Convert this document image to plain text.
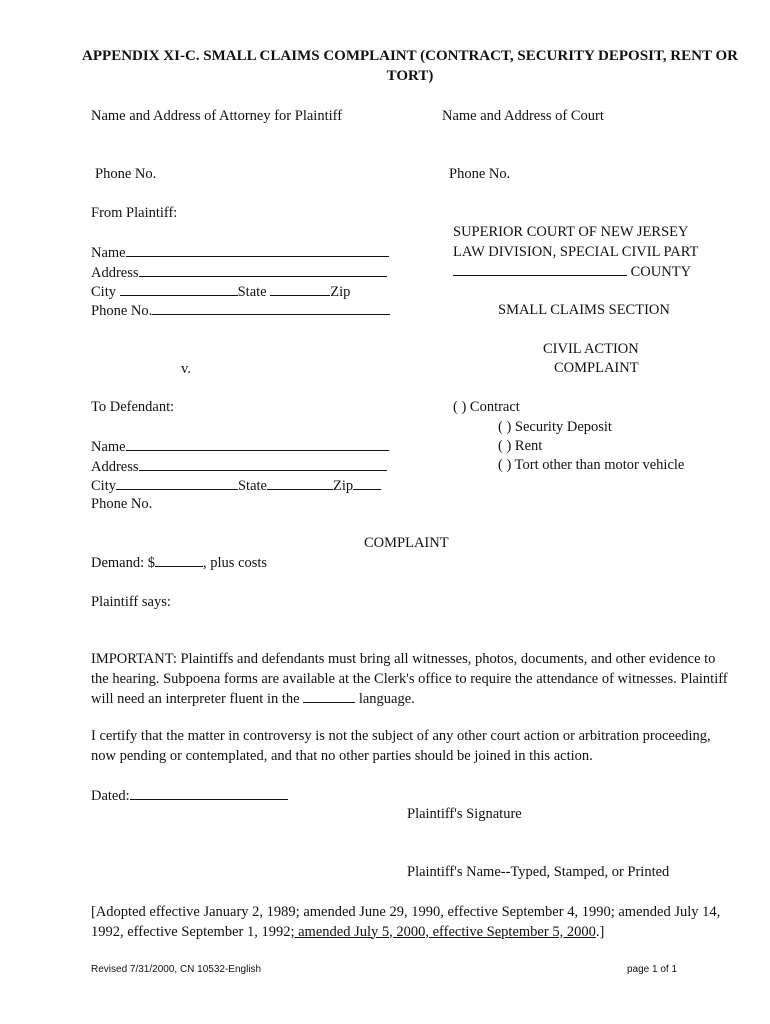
APPENDIX XI-C. SMALL CLAIMS COMPLAINT (CONTRACT, SECURITY DEPOSIT, RENT OR TORT)
Name and Address of Attorney for Plaintiff
Phone No.
From Plaintiff:
Name
Address
City	State	Zip
Phone No.
v.
To Defendant:
Name
Address
City	State	Zip
Phone No.
Name and Address of Court
Phone No.
SUPERIOR COURT OF NEW JERSEY
LAW DIVISION, SPECIAL CIVIL PART
COUNTY
SMALL CLAIMS SECTION
CIVIL ACTION
COMPLAINT
( ) Contract
( ) Security Deposit
( ) Rent
( ) Tort other than motor vehicle
COMPLAINT
Demand: $	, plus costs
Plaintiff says:
IMPORTANT: Plaintiffs and defendants must bring all witnesses, photos, documents, and other evidence to the hearing. Subpoena forms are available at the Clerk's office to require the attendance of witnesses. Plaintiff will need an interpreter fluent in the	language.
I certify that the matter in controversy is not the subject of any other court action or arbitration proceeding, now pending or contemplated, and that no other parties should be joined in this action.
Dated:
Plaintiff's Signature
Plaintiff's Name--Typed, Stamped, or Printed
[Adopted effective January 2, 1989; amended June 29, 1990, effective September 4, 1990; amended July 14, 1992, effective September 1, 1992; amended July 5, 2000, effective September 5, 2000.]
Revised 7/31/2000, CN 10532-English	page 1 of 1
